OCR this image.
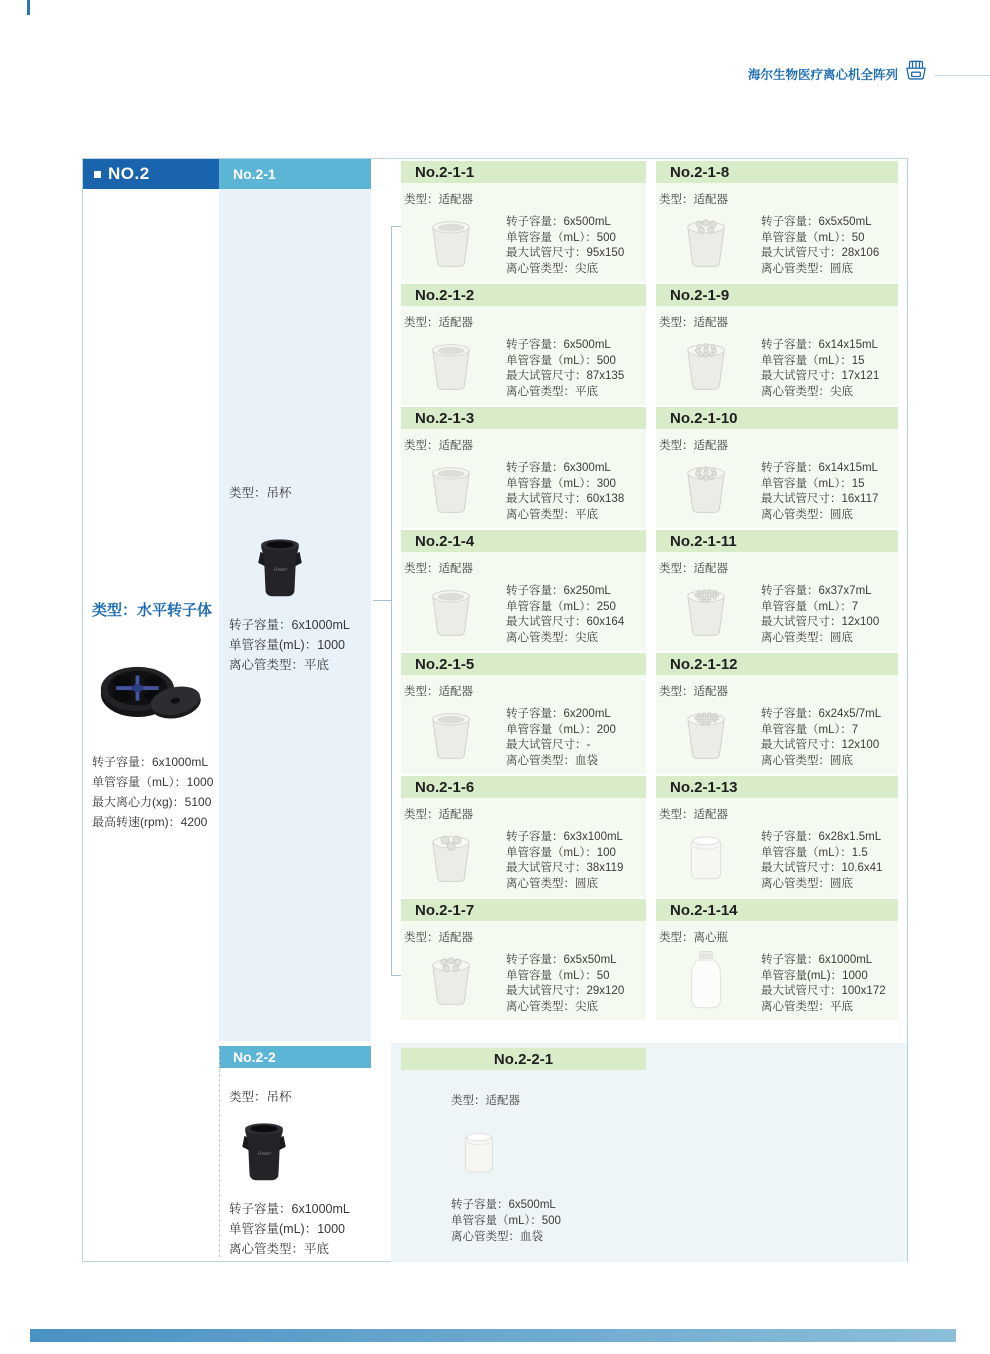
海尔生物医疗离心机全阵列
NO.2	No.2-1
No.2-2	No.2-2-1
类型：水平转子体
转子容量：6x1000mL
单管容量（mL）：1000
最大离心力(xg)：5100
最高转速(rpm)：4200
类型：吊杯
Haier
转子容量：6x1000mL
单管容量(mL)：1000
离心管类型：平底
No.2-1-1
类型：适配器
转子容量：6x500mL
单管容量（mL）：500
最大试管尺寸：95x150
离心管类型：尖底
No.2-1-2
类型：适配器
转子容量：6x500mL
单管容量（mL）：500
最大试管尺寸：87x135
离心管类型：平底
No.2-1-3
类型：适配器
转子容量：6x300mL
单管容量（mL）：300
最大试管尺寸：60x138
离心管类型：平底
No.2-1-4
类型：适配器
转子容量：6x250mL
单管容量（mL）：250
最大试管尺寸：60x164
离心管类型：尖底
No.2-1-5
类型：适配器
转子容量：6x200mL
单管容量（mL）：200
最大试管尺寸：-
离心管类型：血袋
No.2-1-6
类型：适配器
转子容量：6x3x100mL
单管容量（mL）：100
最大试管尺寸：38x119
离心管类型：圆底
No.2-1-7
类型：适配器
转子容量：6x5x50mL
单管容量（mL）：50
最大试管尺寸：29x120
离心管类型：尖底
No.2-1-8
类型：适配器
转子容量：6x5x50mL
单管容量（mL）：50
最大试管尺寸：28x106
离心管类型：圆底
No.2-1-9
类型：适配器
转子容量：6x14x15mL
单管容量（mL）：15
最大试管尺寸：17x121
离心管类型：尖底
No.2-1-10
类型：适配器
转子容量：6x14x15mL
单管容量（mL）：15
最大试管尺寸：16x117
离心管类型：圆底
No.2-1-11
类型：适配器
转子容量：6x37x7mL
单管容量（mL）：7
最大试管尺寸：12x100
离心管类型：圆底
No.2-1-12
类型：适配器
转子容量：6x24x5/7mL
单管容量（mL）：7
最大试管尺寸：12x100
离心管类型：圆底
No.2-1-13
类型：适配器
转子容量：6x28x1.5mL
单管容量（mL）：1.5
最大试管尺寸：10.6x41
离心管类型：圆底
No.2-1-14
类型：离心瓶
转子容量：6x1000mL
单管容量(mL)：1000
最大试管尺寸：100x172
离心管类型：平底
类型：吊杯
Haier
转子容量：6x1000mL
单管容量(mL)：1000
离心管类型：平底
类型：适配器
转子容量：6x500mL
单管容量（mL）：500
离心管类型：血袋
